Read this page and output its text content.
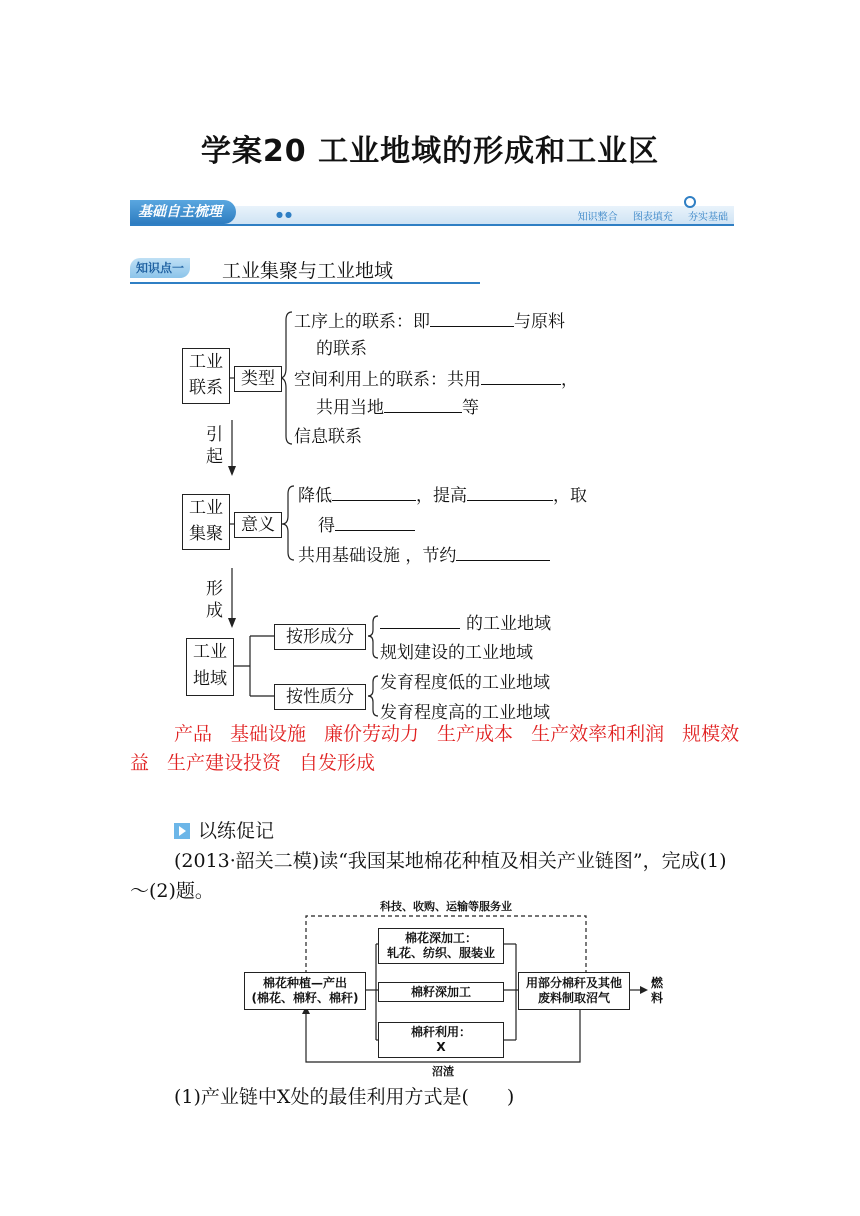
学案20 工业地域的形成和工业区
基础自主梳理	●●	知识整合 图表填充 夯实基础
知识点一	工业集聚与工业地域
工业联系	类型
工序上的联系：即	与原料
的联系
空间利用上的联系：共用	，
共用当地	等
信息联系
引起
工业集聚	意义
降低	，提高	，取
得
共用基础设施 ，节约
形成
工业地域
按形成分
按性质分
的工业地域
规划建设的工业地域
发育程度低的工业地域
发育程度高的工业地域
产品 基础设施 廉价劳动力 生产成本 生产效率和利润 规模效益 生产建设投资 自发形成
以练促记
(2013·韶关二模)读“我国某地棉花种植及相关产业链图”，完成(1)～(2)题。
科技、收购、运输等服务业
棉花种植—产出
(棉花、棉籽、棉秆)
棉花深加工：
轧花、纺织、服装业
棉籽深加工
棉秆利用：
X
用部分棉秆及其他
废料制取沼气
燃料
沼渣
(1)产业链中X处的最佳利用方式是(　　)
